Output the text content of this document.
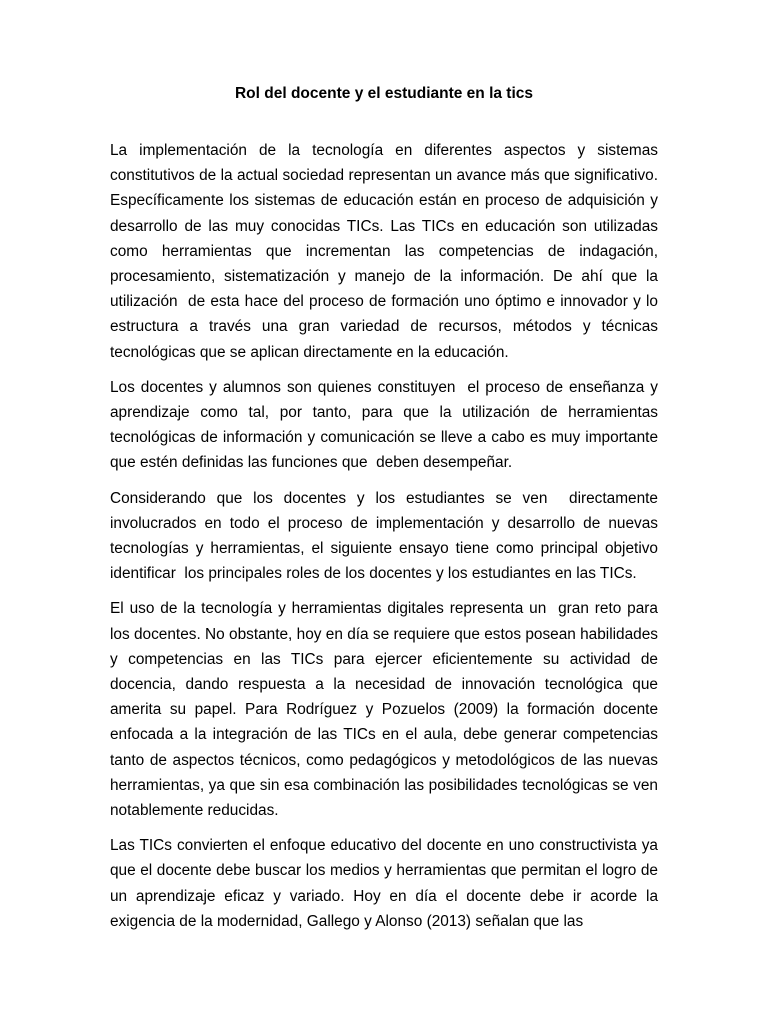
Rol del docente y el estudiante en la tics

La implementación de la tecnología en diferentes aspectos y sistemas constitutivos de la actual sociedad representan un avance más que significativo. Específicamente los sistemas de educación están en proceso de adquisición y desarrollo de las muy conocidas TICs. Las TICs en educación son utilizadas como herramientas que incrementan las competencias de indagación, procesamiento, sistematización y manejo de la información. De ahí que la utilización  de esta hace del proceso de formación uno óptimo e innovador y lo estructura a través una gran variedad de recursos, métodos y técnicas tecnológicas que se aplican directamente en la educación.

Los docentes y alumnos son quienes constituyen  el proceso de enseñanza y aprendizaje como tal, por tanto, para que la utilización de herramientas tecnológicas de información y comunicación se lleve a cabo es muy importante que estén definidas las funciones que  deben desempeñar.

Considerando que los docentes y los estudiantes se ven  directamente involucrados en todo el proceso de implementación y desarrollo de nuevas tecnologías y herramientas, el siguiente ensayo tiene como principal objetivo identificar  los principales roles de los docentes y los estudiantes en las TICs.

El uso de la tecnología y herramientas digitales representa un  gran reto para los docentes. No obstante, hoy en día se requiere que estos posean habilidades y competencias en las TICs para ejercer eficientemente su actividad de docencia, dando respuesta a la necesidad de innovación tecnológica que amerita su papel. Para Rodríguez y Pozuelos (2009) la formación docente enfocada a la integración de las TICs en el aula, debe generar competencias tanto de aspectos técnicos, como pedagógicos y metodológicos de las nuevas herramientas, ya que sin esa combinación las posibilidades tecnológicas se ven notablemente reducidas.

Las TICs convierten el enfoque educativo del docente en uno constructivista ya que el docente debe buscar los medios y herramientas que permitan el logro de un aprendizaje eficaz y variado. Hoy en día el docente debe ir acorde la exigencia de la modernidad, Gallego y Alonso (2013) señalan que las
